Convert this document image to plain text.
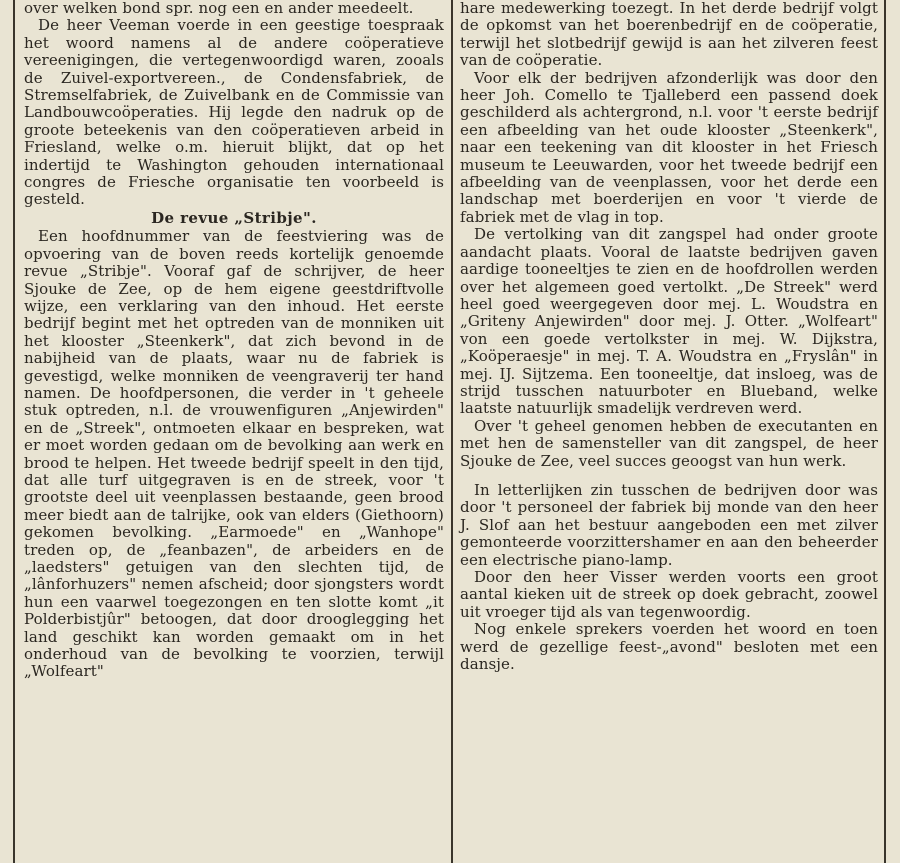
over welken bond spr. nog een en ander meedeelt.

De heer Veeman voerde in een geestige toespraak het woord namens al de andere coöperatieve vereenigingen, die vertegenwoordigd waren, zooals de Zuivel-exportvereen., de Condensfabriek, de Stremselfabriek, de Zuivelbank en de Commissie van Landbouwcoöperaties. Hij legde den nadruk op de groote beteekenis van den coöperatieven arbeid in Friesland, welke o.m. hieruit blijkt, dat op het indertijd te Washington gehouden internationaal congres de Friesche organisatie ten voorbeeld is gesteld.

De revue „Stribje".

Een hoofdnummer van de feestviering was de opvoering van de boven reeds kortelijk genoemde revue „Stribje". Vooraf gaf de schrijver, de heer Sjouke de Zee, op de hem eigene geestdriftvolle wijze, een verklaring van den inhoud. Het eerste bedrijf begint met het optreden van de monniken uit het klooster „Steenkerk", dat zich bevond in de nabijheid van de plaats, waar nu de fabriek is gevestigd, welke monniken de veengraverij ter hand namen. De hoofdpersonen, die verder in 't geheele stuk optreden, n.l. de vrouwenfiguren „Anjewirden" en de „Streek", ontmoeten elkaar en bespreken, wat er moet worden gedaan om de bevolking aan werk en brood te helpen. Het tweede bedrijf speelt in den tijd, dat alle turf uitgegraven is en de streek, voor 't grootste deel uit veenplassen bestaande, geen brood meer biedt aan de talrijke, ook van elders (Giethoorn) gekomen bevolking. „Earmoede" en „Wanhope" treden op, de „feanbazen", de arbeiders en de „laedsters" getuigen van den slechten tijd, de „lânforhuzers" nemen afscheid; door sjongsters wordt hun een vaarwel toegezongen en ten slotte komt „it Polderbistjûr" betoogen, dat door drooglegging het land geschikt kan worden gemaakt om in het onderhoud van de bevolking te voorzien, terwijl „Wolfeart"

hare medewerking toezegt. In het derde bedrijf volgt de opkomst van het boerenbedrijf en de coöperatie, terwijl het slotbedrijf gewijd is aan het zilveren feest van de coöperatie.

Voor elk der bedrijven afzonderlijk was door den heer Joh. Comello te Tjalleberd een passend doek geschilderd als achtergrond, n.l. voor 't eerste bedrijf een afbeelding van het oude klooster „Steenkerk", naar een teekening van dit klooster in het Friesch museum te Leeuwarden, voor het tweede bedrijf een afbeelding van de veenplassen, voor het derde een landschap met boerderijen en voor 't vierde de fabriek met de vlag in top.

De vertolking van dit zangspel had onder groote aandacht plaats. Vooral de laatste bedrijven gaven aardige tooneeltjes te zien en de hoofdrollen werden over het algemeen goed vertolkt. „De Streek" werd heel goed weergegeven door mej. L. Woudstra en „Griteny Anjewirden" door mej. J. Otter. „Wolfeart" von een goede vertolkster in mej. W. Dijkstra, „Koöperaesje" in mej. T. A. Woudstra en „Fryslân" in mej. IJ. Sijtzema. Een tooneeltje, dat insloeg, was de strijd tusschen natuurboter en Blueband, welke laatste natuurlijk smadelijk verdreven werd.

Over 't geheel genomen hebben de executanten en met hen de samensteller van dit zangspel, de heer Sjouke de Zee, veel succes geoogst van hun werk.

In letterlijken zin tusschen de bedrijven door was door 't personeel der fabriek bij monde van den heer J. Slof aan het bestuur aangeboden een met zilver gemonteerde voorzittershamer en aan den beheerder een electrische piano-lamp.

Door den heer Visser werden voorts een groot aantal kieken uit de streek op doek gebracht, zoowel uit vroeger tijd als van tegenwoordig.

Nog enkele sprekers voerden het woord en toen werd de gezellige feest-„avond" besloten met een dansje.
